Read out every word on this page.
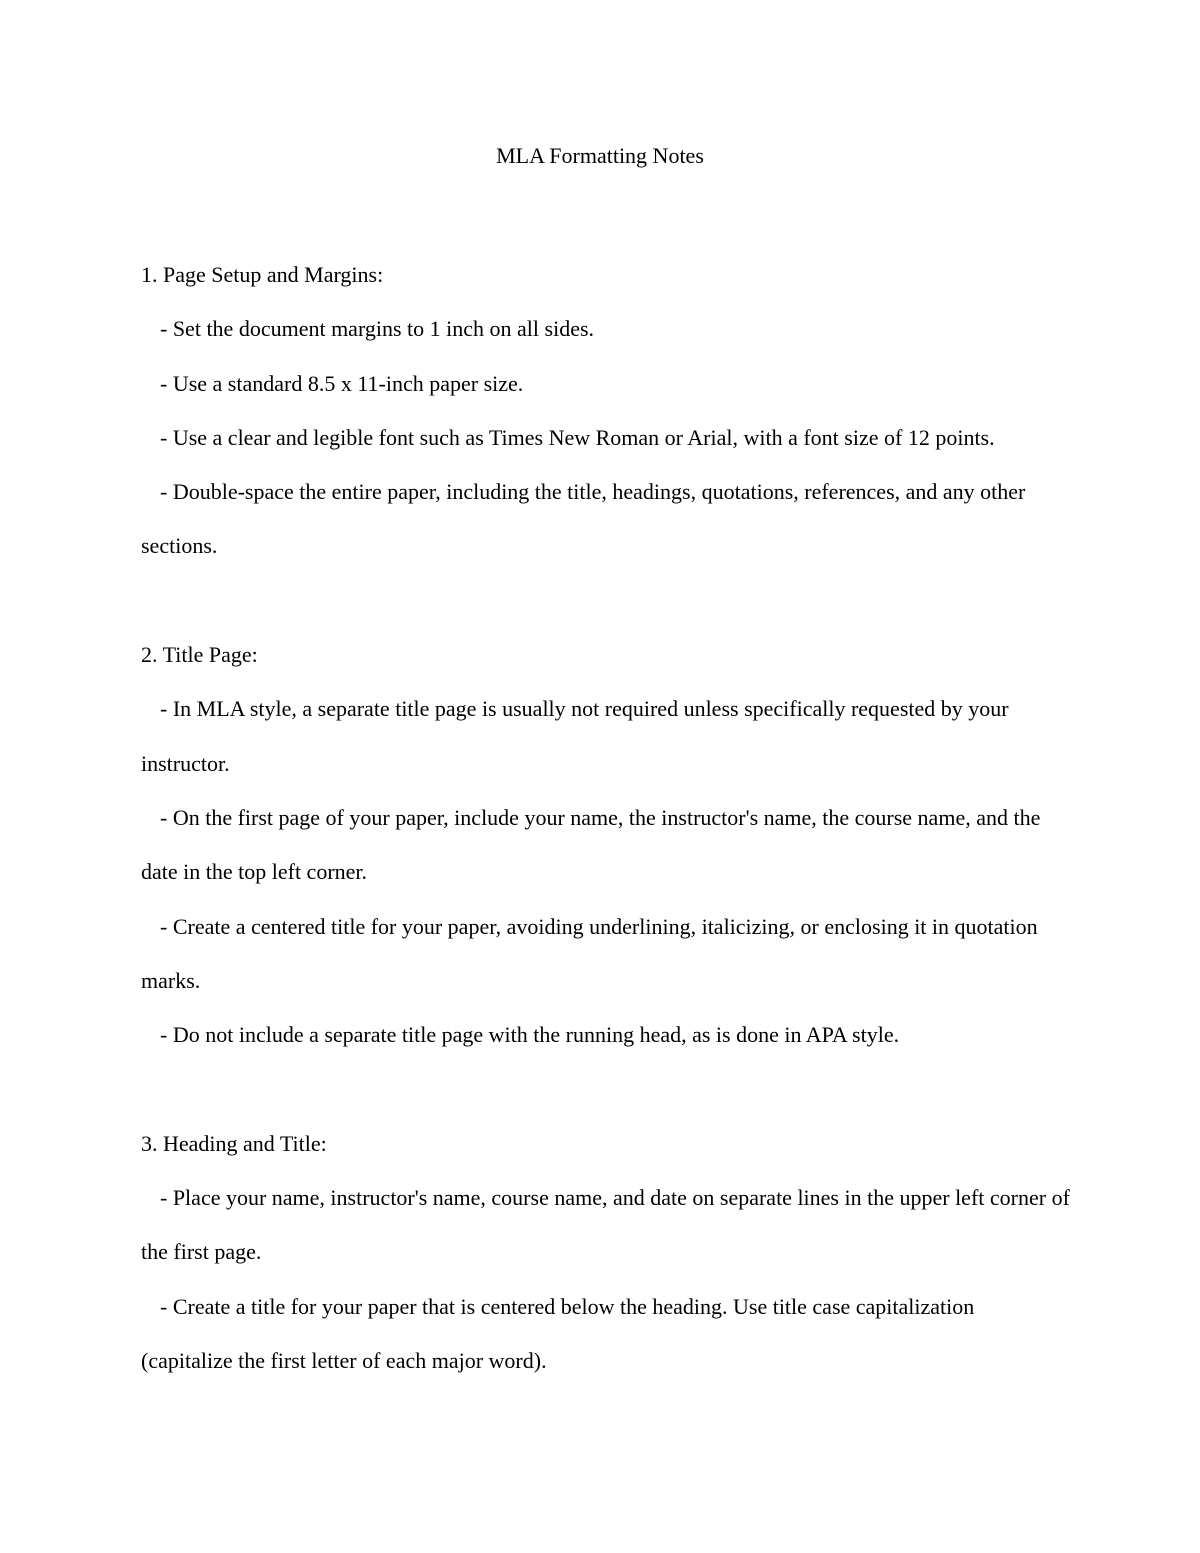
MLA Formatting Notes

1. Page Setup and Margins:

- Set the document margins to 1 inch on all sides.

- Use a standard 8.5 x 11-inch paper size.

- Use a clear and legible font such as Times New Roman or Arial, with a font size of 12 points.

- Double-space the entire paper, including the title, headings, quotations, references, and any other sections.

2. Title Page:

- In MLA style, a separate title page is usually not required unless specifically requested by your instructor.

- On the first page of your paper, include your name, the instructor's name, the course name, and the date in the top left corner.

- Create a centered title for your paper, avoiding underlining, italicizing, or enclosing it in quotation marks.

- Do not include a separate title page with the running head, as is done in APA style.

3. Heading and Title:

- Place your name, instructor's name, course name, and date on separate lines in the upper left corner of the first page.

- Create a title for your paper that is centered below the heading. Use title case capitalization (capitalize the first letter of each major word).
